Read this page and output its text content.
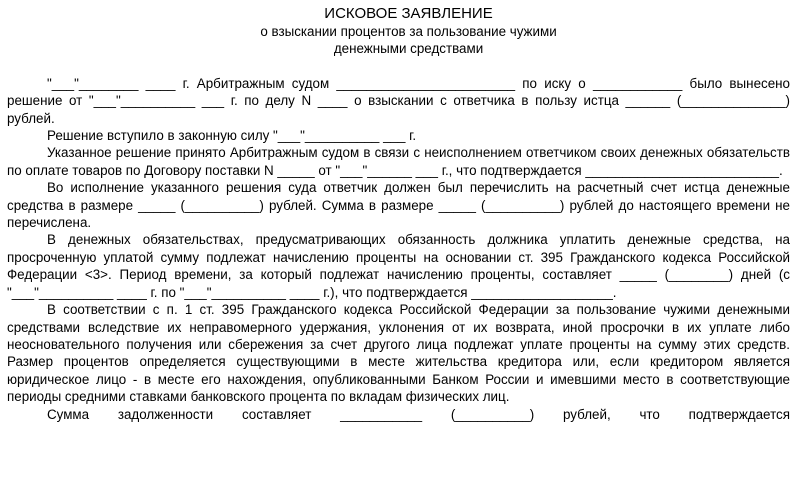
ИСКОВОЕ ЗАЯВЛЕНИЕ
о взыскании процентов за пользование чужими
денежными средствами

"___"________ ____ г. Арбитражным судом ________________________ по иску о ____________ было вынесено решение от "___"__________ ___ г. по делу N ____ о взыскании с ответчика в пользу истца ______ (______________) рублей.

Решение вступило в законную силу "___"__________ ___ г.

Указанное решение принято Арбитражным судом в связи с неисполнением ответчиком своих денежных обязательств по оплате товаров по Договору поставки N _____ от "___"______ ___ г., что подтверждается __________________________.

Во исполнение указанного решения суда ответчик должен был перечислить на расчетный счет истца денежные средства в размере _____ (__________) рублей. Сумма в размере _____ (__________) рублей до настоящего времени не перечислена.

В денежных обязательствах, предусматривающих обязанность должника уплатить денежные средства, на просроченную уплатой сумму подлежат начислению проценты на основании ст. 395 Гражданского кодекса Российской Федерации <3>. Период времени, за который подлежат начислению проценты, составляет _____ (________) дней (с "___"__________ ____ г. по "___"__________ ____ г.), что подтверждается ___________________.

В соответствии с п. 1 ст. 395 Гражданского кодекса Российской Федерации за пользование чужими денежными средствами вследствие их неправомерного удержания, уклонения от их возврата, иной просрочки в их уплате либо неосновательного получения или сбережения за счет другого лица подлежат уплате проценты на сумму этих средств. Размер процентов определяется существующими в месте жительства кредитора или, если кредитором является юридическое лицо - в месте его нахождения, опубликованными Банком России и имевшими место в соответствующие периоды средними ставками банковского процента по вкладам физических лиц.

Сумма задолженности составляет ___________ (__________) рублей, что подтверждается
